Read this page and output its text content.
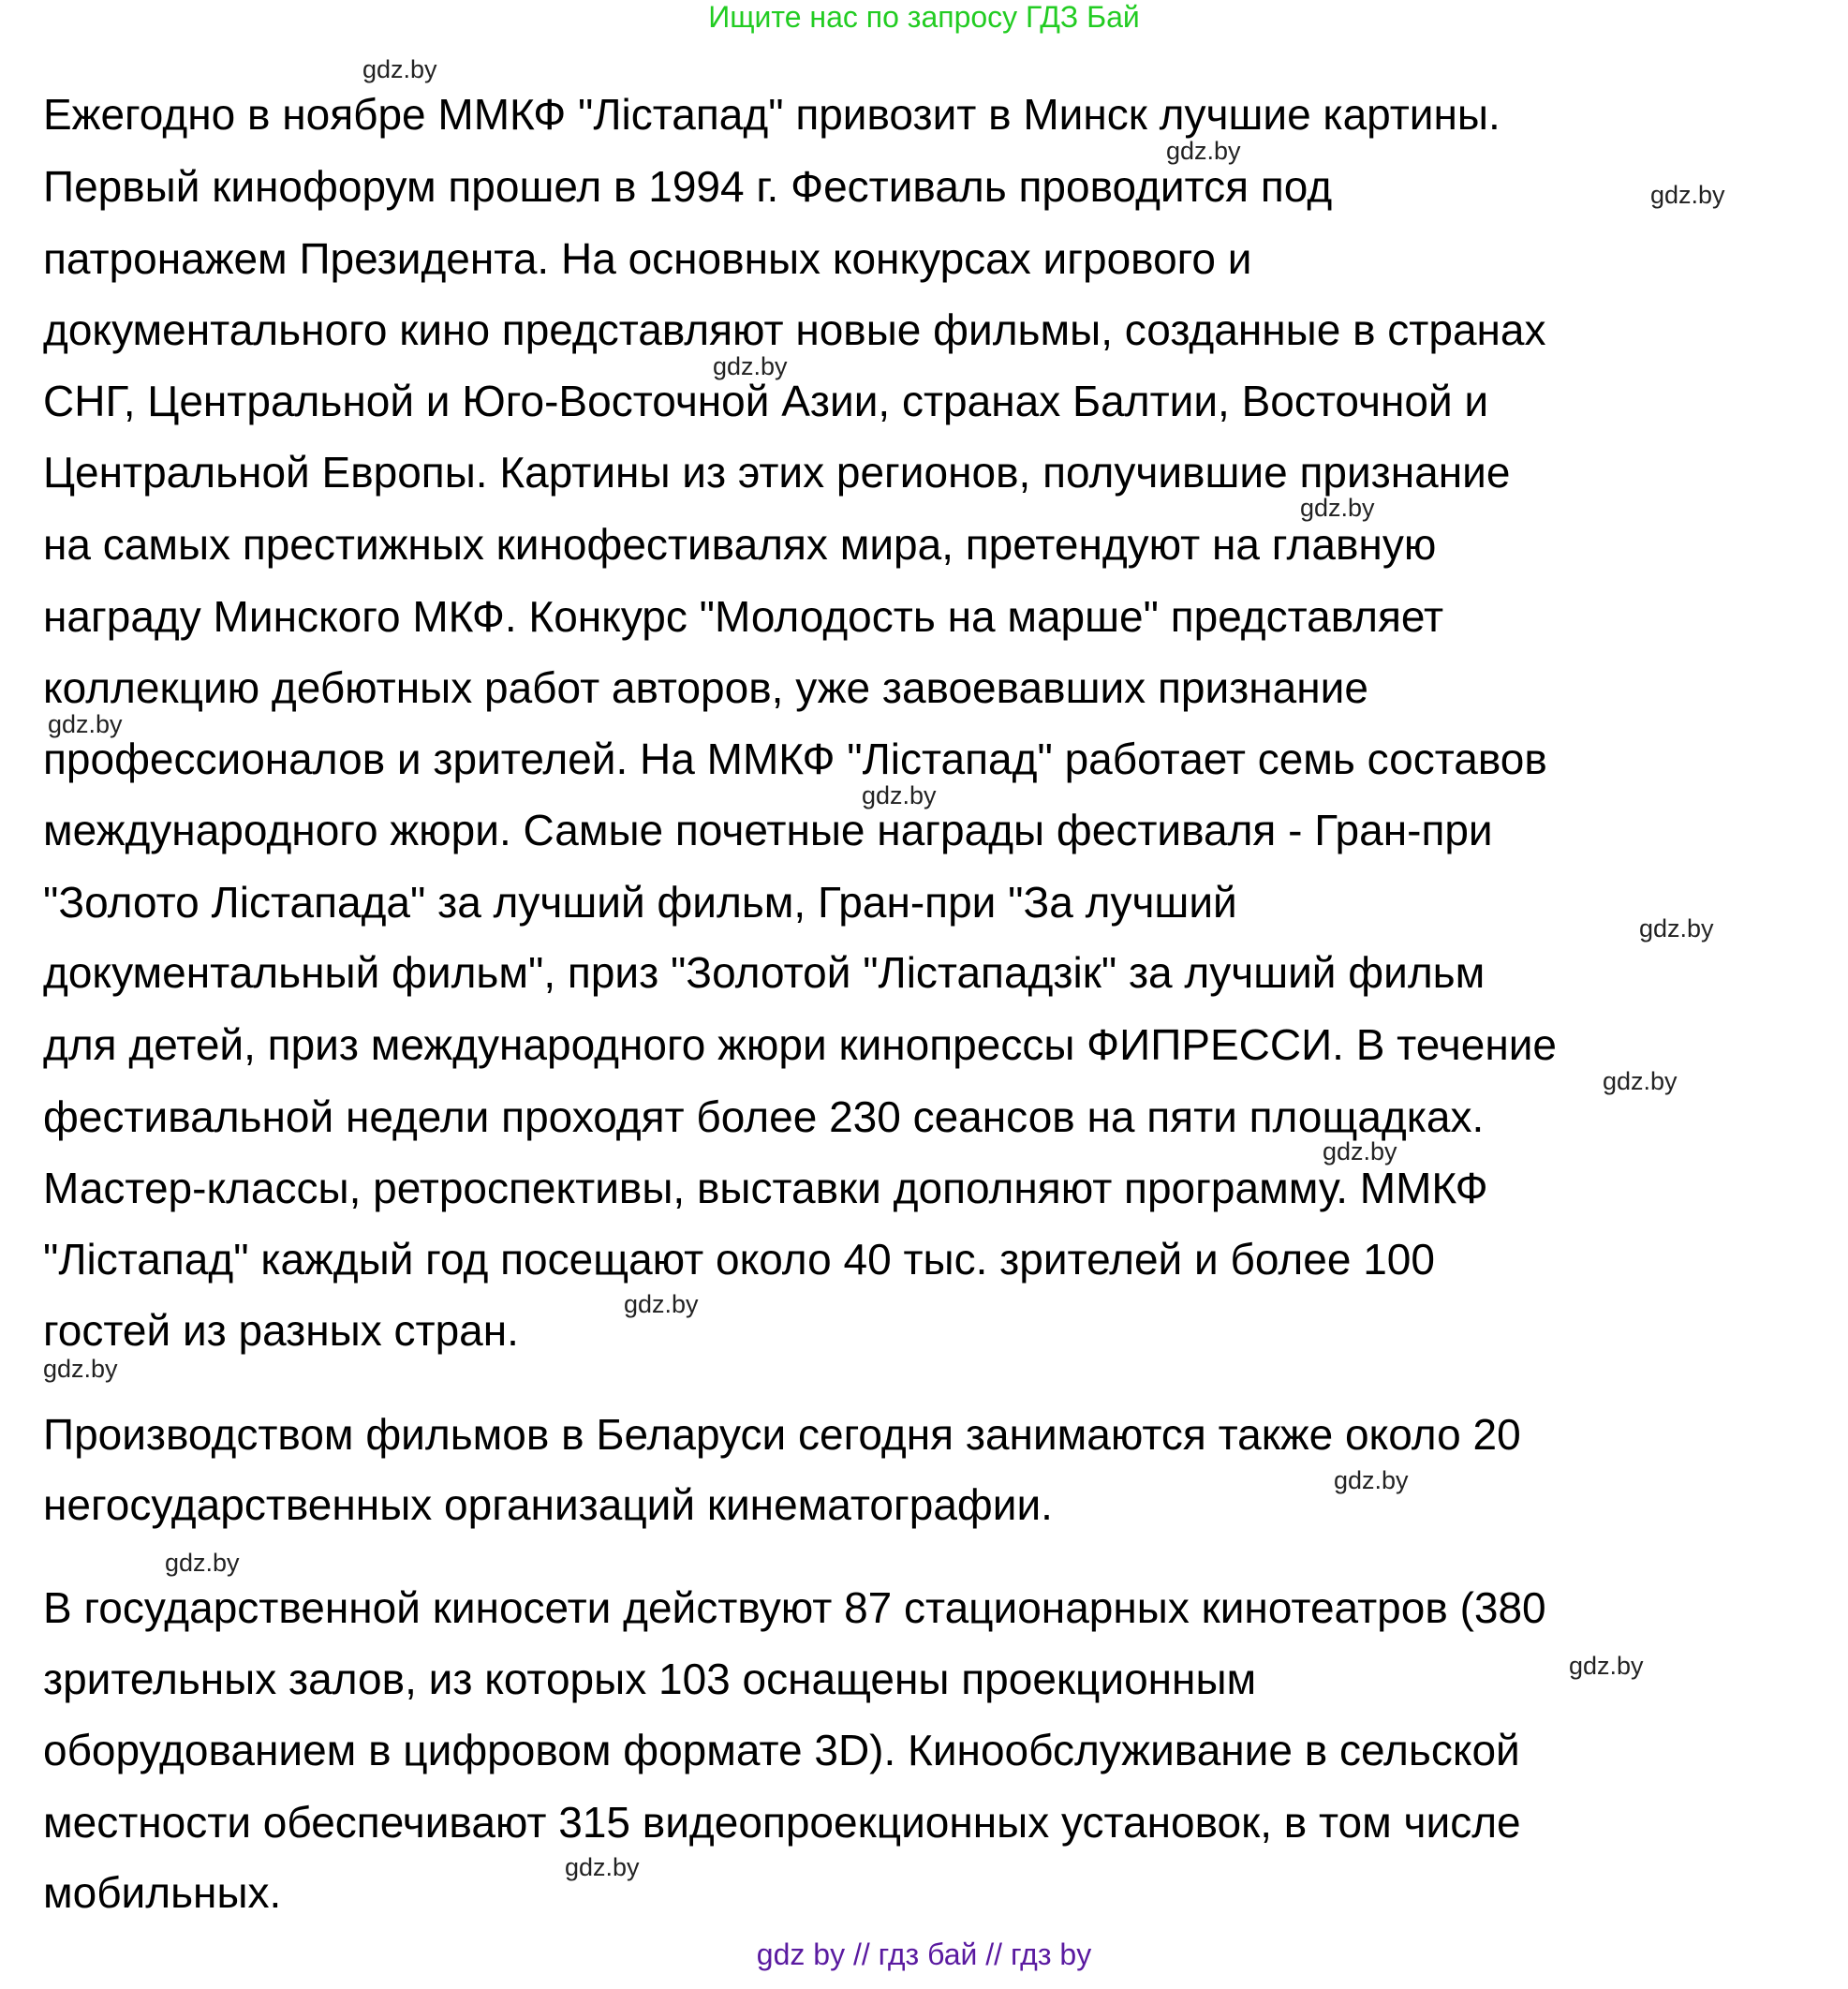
Ищите нас по запросу ГДЗ Бай
Ежегодно в ноябре ММКФ "Лістапад" привозит в Минск лучшие картины.
Первый кинофорум прошел в 1994 г. Фестиваль проводится под
патронажем Президента. На основных конкурсах игрового и
документального кино представляют новые фильмы, созданные в странах
СНГ, Центральной и Юго-Восточной Азии, странах Балтии, Восточной и
Центральной Европы. Картины из этих регионов, получившие признание
на самых престижных кинофестивалях мира, претендуют на главную
награду Минского МКФ. Конкурс "Молодость на марше" представляет
коллекцию дебютных работ авторов, уже завоевавших признание
профессионалов и зрителей. На ММКФ "Лістапад" работает семь составов
международного жюри. Самые почетные награды фестиваля - Гран-при
"Золото Лістапада" за лучший фильм, Гран-при "За лучший
документальный фильм", приз "Золотой "Лістападзік" за лучший фильм
для детей, приз международного жюри кинопрессы ФИПРЕССИ. В течение
фестивальной недели проходят более 230 сеансов на пяти площадках.
Мастер-классы, ретроспективы, выставки дополняют программу. ММКФ
"Лістапад" каждый год посещают около 40 тыс. зрителей и более 100
гостей из разных стран.
Производством фильмов в Беларуси сегодня занимаются также около 20
негосударственных организаций кинематографии.
В государственной киносети действуют 87 стационарных кинотеатров (380
зрительных залов, из которых 103 оснащены проекционным
оборудованием в цифровом формате 3D). Кинообслуживание в сельской
местности обеспечивают 315 видеопроекционных установок, в том числе
мобильных.
gdz.by
gdz.by
gdz.by
gdz.by
gdz.by
gdz.by
gdz.by
gdz.by
gdz.by
gdz.by
gdz.by
gdz.by
gdz.by
gdz.by
gdz.by
gdz.by
gdz by // гдз бай // гдз by
